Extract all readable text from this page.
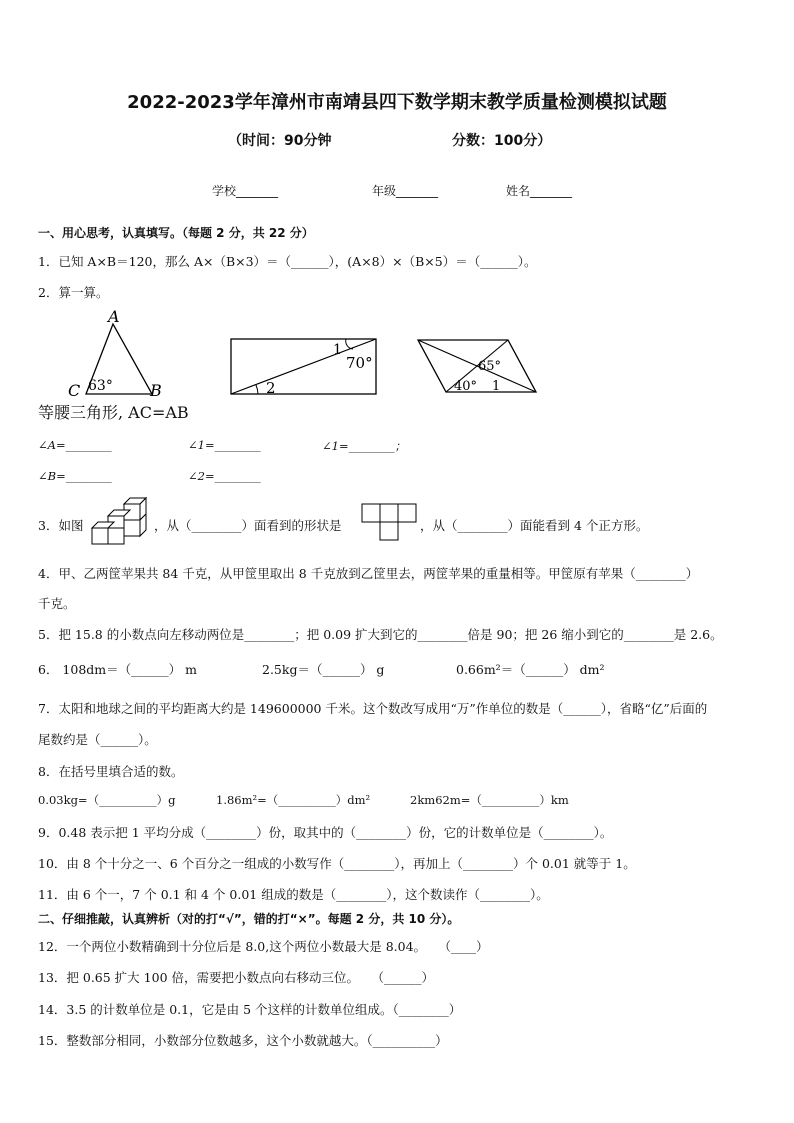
2022-2023学年漳州市南靖县四下数学期末教学质量检测模拟试题
（时间：90分钟	分数：100分）
学校_______	年级_______	姓名_______
一、用心思考，认真填写。（每题 2 分，共 22 分）
1．已知 A×B＝120，那么 A×（B×3）＝（______），(A×8）×（B×5）＝（______）。
2．算一算。
A
C	B
63°
等腰三角形, AC=AB
1
70°
2
65°
40° 1
∠A=________	∠1=________	∠1=________；
∠B=________	∠2=________
3．如图	，从（________）面看到的形状是	，从（________）面能看到 4 个正方形。
4．甲、乙两筐苹果共 84 千克，从甲筐里取出 8 千克放到乙筐里去，两筐苹果的重量相等。甲筐原有苹果（________）
千克。
5．把 15.8 的小数点向左移动两位是________；把 0.09 扩大到它的________倍是 90；把 26 缩小到它的________是 2.6。
6． 108dm＝（______） m	2.5kg＝（______） g	0.66m²＝（______） dm²
7．太阳和地球之间的平均距离大约是 149600000 千米。这个数改写成用“万”作单位的数是（______），省略“亿”后面的
尾数约是（______）。
8．在括号里填合适的数。
0.03kg=（__________）g	1.86m²=（__________）dm²	2km62m=（__________）km
9．0.48 表示把 1 平均分成（________）份，取其中的（________）份，它的计数单位是（________）。
10．由 8 个十分之一、6 个百分之一组成的小数写作（________），再加上（________）个 0.01 就等于 1。
11．由 6 个一，7 个 0.1 和 4 个 0.01 组成的数是（________），这个数读作（________）。
二、仔细推敲，认真辨析（对的打“√”，错的打“×”。每题 2 分，共 10 分）。
12．一个两位小数精确到十分位后是 8.0,这个两位小数最大是 8.04。　　（____）
13．把 0.65 扩大 100 倍，需要把小数点向右移动三位。　　（______）
14．3.5 的计数单位是 0.1，它是由 5 个这样的计数单位组成。（________）
15．整数部分相同，小数部分位数越多，这个小数就越大。（__________）
